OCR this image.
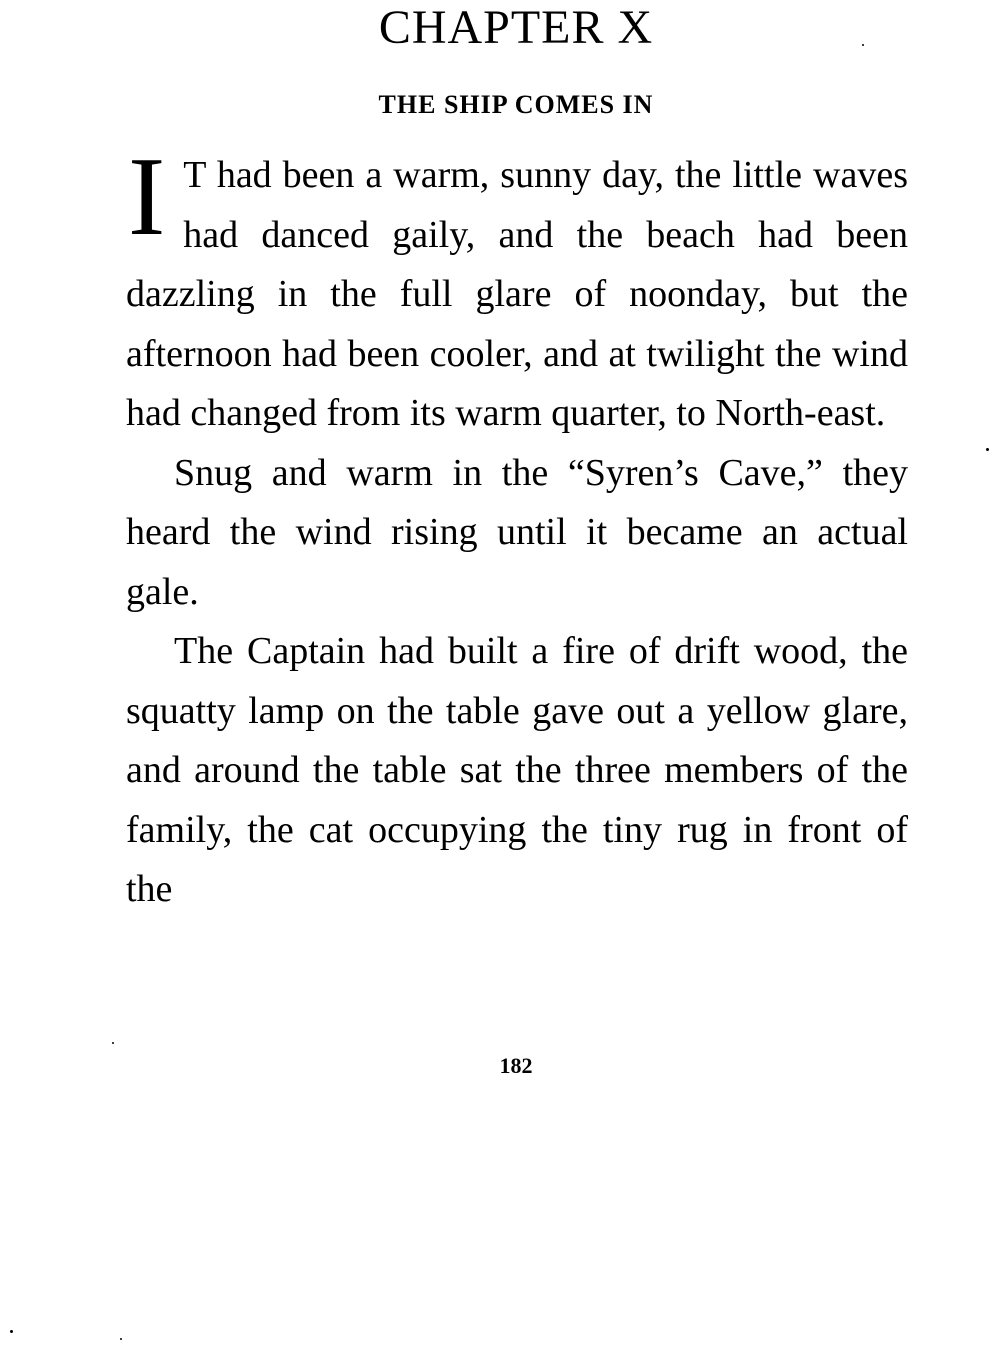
CHAPTER X
THE SHIP COMES IN

I T had been a warm, sunny day, the little waves had danced gaily, and the beach had been dazzling in the full glare of noonday, but the afternoon had been cooler, and at twilight the wind had changed from its warm quarter, to North-east.

Snug and warm in the “Syren’s Cave,” they heard the wind rising until it became an actual gale.

The Captain had built a fire of drift wood, the squatty lamp on the table gave out a yellow glare, and around the table sat the three members of the family, the cat occupying the tiny rug in front of the

182
